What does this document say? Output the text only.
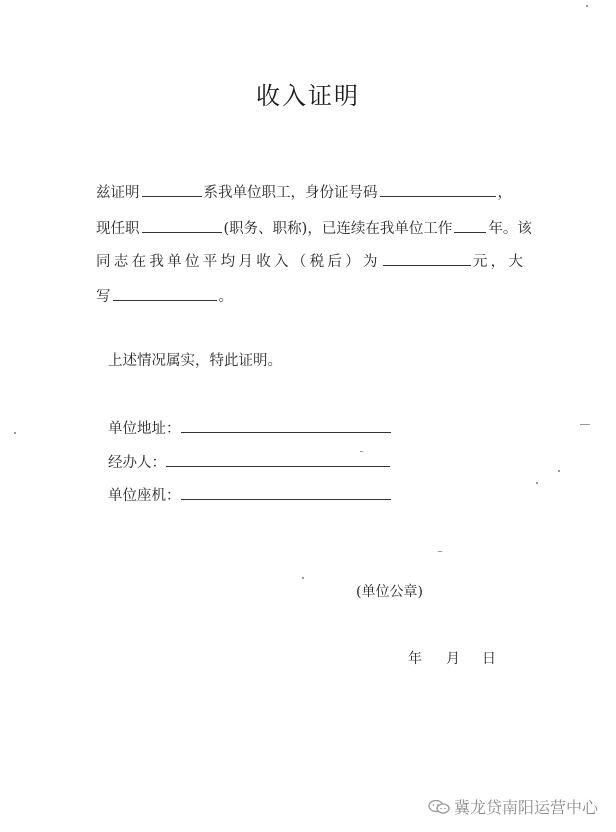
收入证明
兹证明	系我单位职工，身份证号码	，
现任职	(职务、职称)，已连续在我单位工作 年。该
同志在我单位平均月收入（税后）为	元，大
写	。
上述情况属实，特此证明。
单位地址：
经办人：
单位座机：
(单位公章)
年 月 日
冀龙贷南阳运营中心
